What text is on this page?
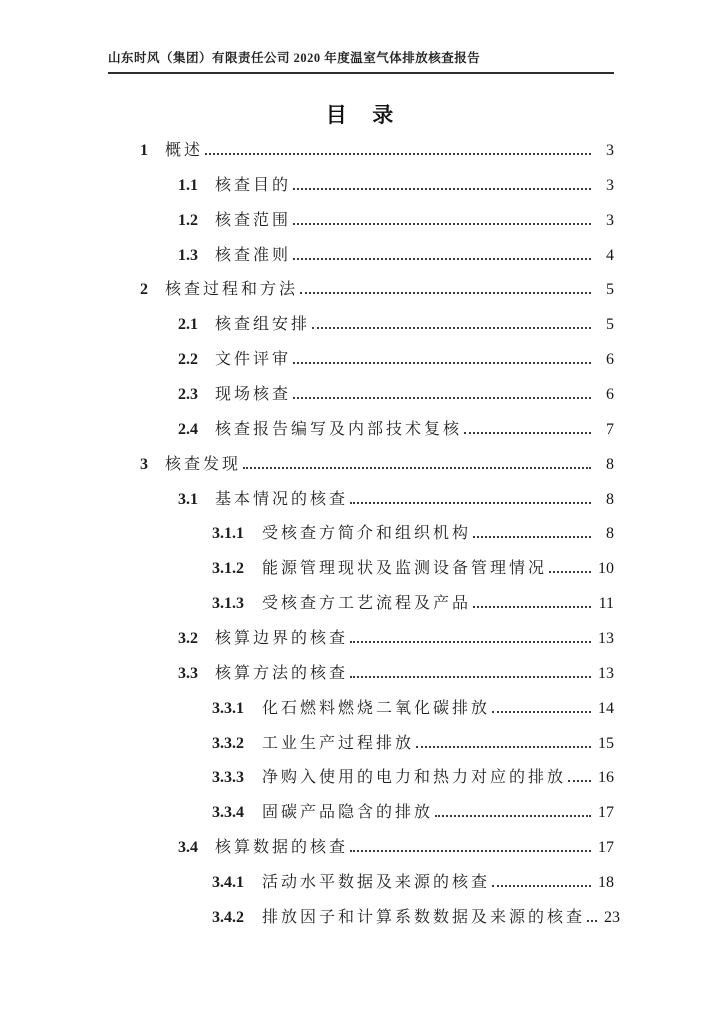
山东时风（集团）有限责任公司 2020 年度温室气体排放核查报告
目  录
1	概述	3
1.1	核查目的	3
1.2	核查范围	3
1.3	核查准则	4
2	核查过程和方法	5
2.1	核查组安排	5
2.2	文件评审	6
2.3	现场核查	6
2.4	核查报告编写及内部技术复核	7
3	核查发现	8
3.1	基本情况的核查	8
3.1.1	受核查方简介和组织机构	8
3.1.2	能源管理现状及监测设备管理情况	10
3.1.3	受核查方工艺流程及产品	11
3.2	核算边界的核查	13
3.3	核算方法的核查	13
3.3.1	化石燃料燃烧二氧化碳排放	14
3.3.2	工业生产过程排放	15
3.3.3	净购入使用的电力和热力对应的排放 16
3.3.4	固碳产品隐含的排放	17
3.4	核算数据的核查	17
3.4.1	活动水平数据及来源的核查	18
3.4.2	排放因子和计算系数数据及来源的核查 23
